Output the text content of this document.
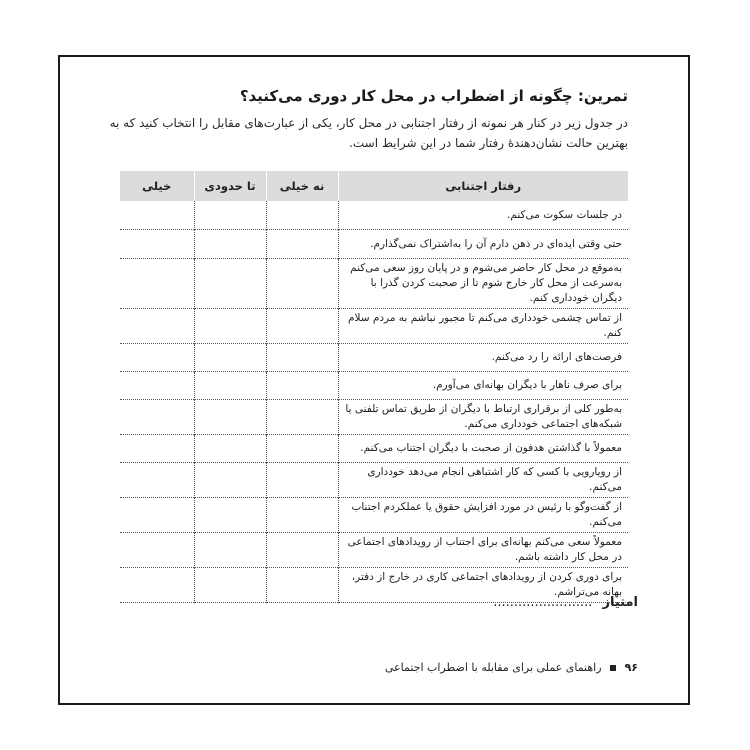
تمرین: چگونه از اضطراب در محل کار دوری می‌کنید؟
در جدول زیر در کنار هر نمونه از رفتار اجتنابی در محل کار، یکی از عبارت‌های مقابل را انتخاب کنید که به بهترین حالت نشان‌دهندهٔ رفتار شما در این شرایط است.
رفتار اجتنابی	نه خیلی	تا حدودی	خیلی
در جلسات سکوت می‌کنم.			
حتی وقتی ایده‌ای در ذهن دارم آن را به‌اشتراک نمی‌گذارم.			
به‌موقع در محل کار حاضر می‌شوم و در پایان روز سعی می‌کنم به‌سرعت از محل کار خارج شوم تا از صحبت کردن گذرا با دیگران خودداری کنم.			
از تماس چشمی خودداری می‌کنم تا مجبور نباشم به مردم سلام کنم.			
فرصت‌های ارائه را رد می‌کنم.			
برای صرف ناهار با دیگران بهانه‌ای می‌آورم.			
به‌طور کلی از برقراری ارتباط با دیگران از طریق تماس تلفنی یا شبکه‌های اجتماعی خودداری می‌کنم.			
معمولاً با گذاشتن هدفون از صحبت با دیگران اجتناب می‌کنم.			
از رویارویی با کسی که کار اشتباهی انجام می‌دهد خودداری می‌کنم.			
از گفت‌وگو با رئیس در مورد افزایش حقوق یا عملکردم اجتناب می‌کنم.			
معمولاً سعی می‌کنم بهانه‌ای برای اجتناب از رویدادهای اجتماعی در محل کار داشته باشم.			
برای دوری کردن از رویدادهای اجتماعی کاری در خارج از دفتر، بهانه می‌تراشم.			
امتیاز ........................
۹۶  راهنمای عملی برای مقابله با اضطراب اجتماعی
